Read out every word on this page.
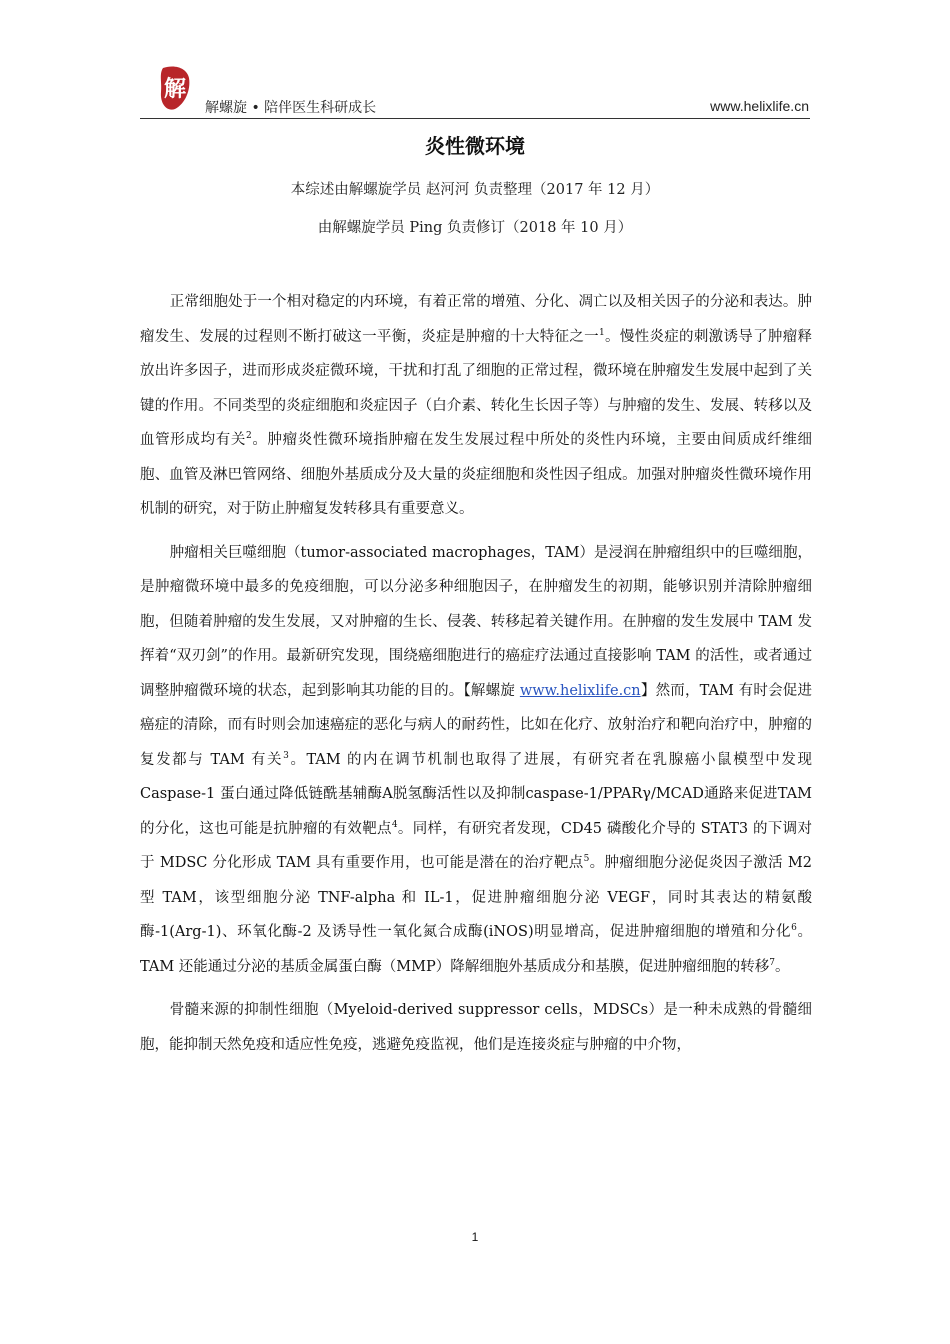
解
解螺旋 • 陪伴医生科研成长	www.helixlife.cn
炎性微环境
本综述由解螺旋学员 赵河河 负责整理（2017 年 12 月）
由解螺旋学员 Ping 负责修订（2018 年 10 月）

正常细胞处于一个相对稳定的内环境，有着正常的增殖、分化、凋亡以及相关因子的分泌和表达。肿瘤发生、发展的过程则不断打破这一平衡，炎症是肿瘤的十大特征之一$^1$。慢性炎症的刺激诱导了肿瘤释放出许多因子，进而形成炎症微环境，干扰和打乱了细胞的正常过程，微环境在肿瘤发生发展中起到了关键的作用。不同类型的炎症细胞和炎症因子（白介素、转化生长因子等）与肿瘤的发生、发展、转移以及血管形成均有关$^2$。肿瘤炎性微环境指肿瘤在发生发展过程中所处的炎性内环境，主要由间质成纤维细胞、血管及淋巴管网络、细胞外基质成分及大量的炎症细胞和炎性因子组成。加强对肿瘤炎性微环境作用机制的研究，对于防止肿瘤复发转移具有重要意义。

肿瘤相关巨噬细胞（tumor-associated macrophages，TAM）是浸润在肿瘤组织中的巨噬细胞，是肿瘤微环境中最多的免疫细胞，可以分泌多种细胞因子，在肿瘤发生的初期，能够识别并清除肿瘤细胞，但随着肿瘤的发生发展，又对肿瘤的生长、侵袭、转移起着关键作用。在肿瘤的发生发展中 TAM 发挥着“双刃剑”的作用。最新研究发现，围绕癌细胞进行的癌症疗法通过直接影响 TAM 的活性，或者通过调整肿瘤微环境的状态，起到影响其功能的目的。【解螺旋 www.helixlife.cn】然而，TAM 有时会促进癌症的清除，而有时则会加速癌症的恶化与病人的耐药性，比如在化疗、放射治疗和靶向治疗中，肿瘤的复发都与 TAM 有关$^3$。TAM 的内在调节机制也取得了进展，有研究者在乳腺癌小鼠模型中发现 Caspase-1 蛋白通过降低链酰基辅酶A脱氢酶活性以及抑制caspase-1/PPARγ/MCAD通路来促进TAM的分化，这也可能是抗肿瘤的有效靶点$^4$。同样，有研究者发现，CD45 磷酸化介导的 STAT3 的下调对于 MDSC 分化形成 TAM 具有重要作用，也可能是潜在的治疗靶点$^5$。肿瘤细胞分泌促炎因子激活 M2 型 TAM，该型细胞分泌 TNF-alpha 和 IL-1，促进肿瘤细胞分泌 VEGF，同时其表达的精氨酸酶-1(Arg-1)、环氧化酶-2 及诱导性一氧化氮合成酶(iNOS)明显增高，促进肿瘤细胞的增殖和分化$^6$。TAM 还能通过分泌的基质金属蛋白酶（MMP）降解细胞外基质成分和基膜，促进肿瘤细胞的转移$^7$。

骨髓来源的抑制性细胞（Myeloid-derived suppressor cells，MDSCs）是一种未成熟的骨髓细胞，能抑制天然免疫和适应性免疫，逃避免疫监视，他们是连接炎症与肿瘤的中介物，

1
